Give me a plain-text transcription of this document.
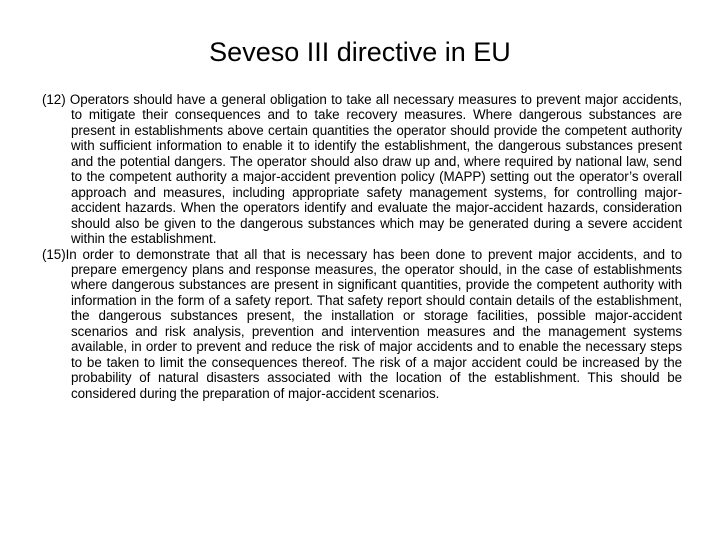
Seveso III directive in EU

(12) Operators should have a general obligation to take all necessary measures to prevent major accidents, to mitigate their consequences and to take recovery measures. Where dangerous substances are present in establishments above certain quantities the operator should provide the competent authority with sufficient information to enable it to identify the establishment, the dangerous substances present and the potential dangers. The operator should also draw up and, where required by national law, send to the competent authority a major-accident prevention policy (MAPP) setting out the operator’s overall approach and measures, including appropriate safety management systems, for controlling major-accident hazards. When the operators identify and evaluate the major-accident hazards, consideration should also be given to the dangerous substances which may be generated during a severe accident within the establishment.

(15)In order to demonstrate that all that is necessary has been done to prevent major accidents, and to prepare emergency plans and response measures, the operator should, in the case of establishments where dangerous substances are present in significant quantities, provide the competent authority with information in the form of a safety report. That safety report should contain details of the establishment, the dangerous substances present, the installation or storage facilities, possible major-accident scenarios and risk analysis, prevention and intervention measures and the management systems available, in order to prevent and reduce the risk of major accidents and to enable the necessary steps to be taken to limit the consequences thereof. The risk of a major accident could be increased by the probability of natural disasters associated with the location of the establishment. This should be considered during the preparation of major-accident scenarios.
